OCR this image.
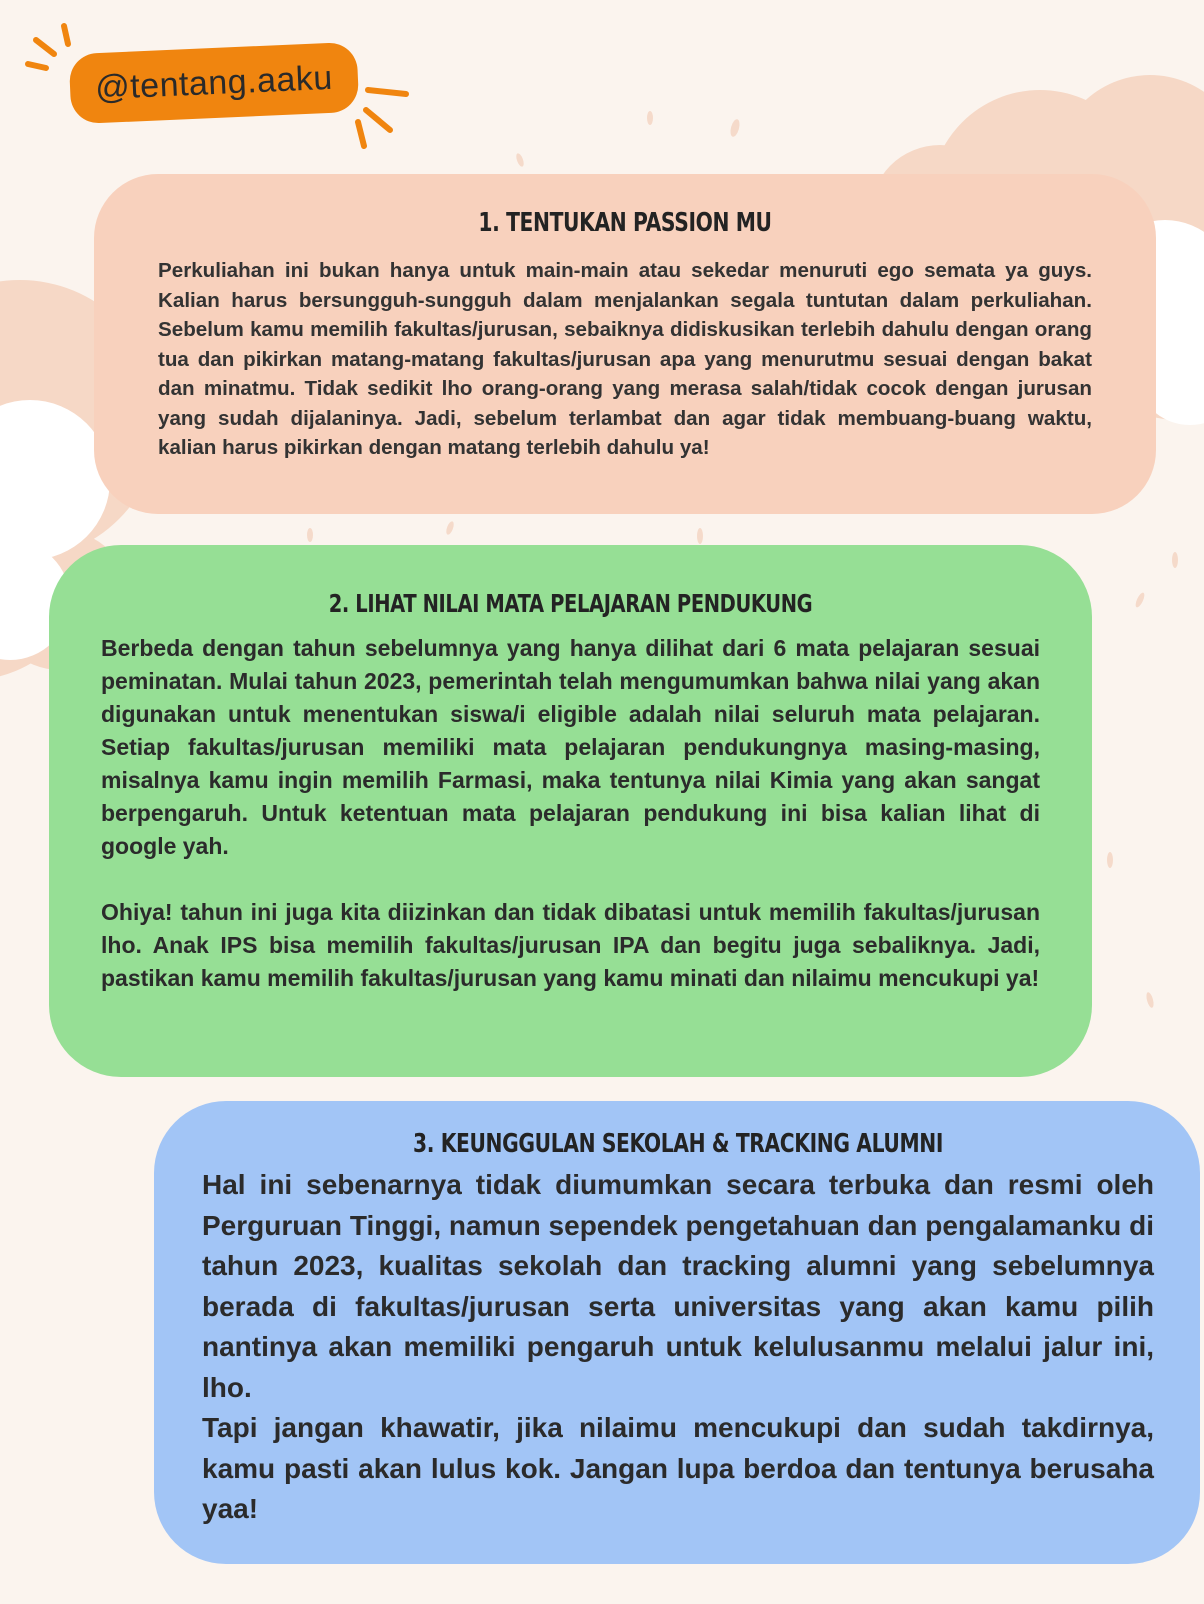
@tentang.aaku
1. TENTUKAN PASSION MU

Perkuliahan ini bukan hanya untuk main-main atau sekedar menuruti ego semata ya guys. Kalian harus bersungguh-sungguh dalam menjalankan segala tuntutan dalam perkuliahan. Sebelum kamu memilih fakultas/jurusan, sebaiknya didiskusikan terlebih dahulu dengan orang tua dan pikirkan matang-matang fakultas/jurusan apa yang menurutmu sesuai dengan bakat dan minatmu. Tidak sedikit lho orang-orang yang merasa salah/tidak cocok dengan jurusan yang sudah dijalaninya. Jadi, sebelum terlambat dan agar tidak membuang-buang waktu, kalian harus pikirkan dengan matang terlebih dahulu ya!

2. LIHAT NILAI MATA PELAJARAN PENDUKUNG

Berbeda dengan tahun sebelumnya yang hanya dilihat dari 6 mata pelajaran sesuai peminatan. Mulai tahun 2023, pemerintah telah mengumumkan bahwa nilai yang akan digunakan untuk menentukan siswa/i eligible adalah nilai seluruh mata pelajaran. Setiap fakultas/jurusan memiliki mata pelajaran pendukungnya masing-masing, misalnya kamu ingin memilih Farmasi, maka tentunya nilai Kimia yang akan sangat berpengaruh. Untuk ketentuan mata pelajaran pendukung ini bisa kalian lihat di google yah.

Ohiya! tahun ini juga kita diizinkan dan tidak dibatasi untuk memilih fakultas/jurusan lho. Anak IPS bisa memilih fakultas/jurusan IPA dan begitu juga sebaliknya. Jadi, pastikan kamu memilih fakultas/jurusan yang kamu minati dan nilaimu mencukupi ya!

3. KEUNGGULAN SEKOLAH & TRACKING ALUMNI

Hal ini sebenarnya tidak diumumkan secara terbuka dan resmi oleh Perguruan Tinggi, namun sependek pengetahuan dan pengalamanku di tahun 2023, kualitas sekolah dan tracking alumni yang sebelumnya berada di fakultas/jurusan serta universitas yang akan kamu pilih nantinya akan memiliki pengaruh untuk kelulusanmu melalui jalur ini, lho.

Tapi jangan khawatir, jika nilaimu mencukupi dan sudah takdirnya, kamu pasti akan lulus kok. Jangan lupa berdoa dan tentunya berusaha yaa!
